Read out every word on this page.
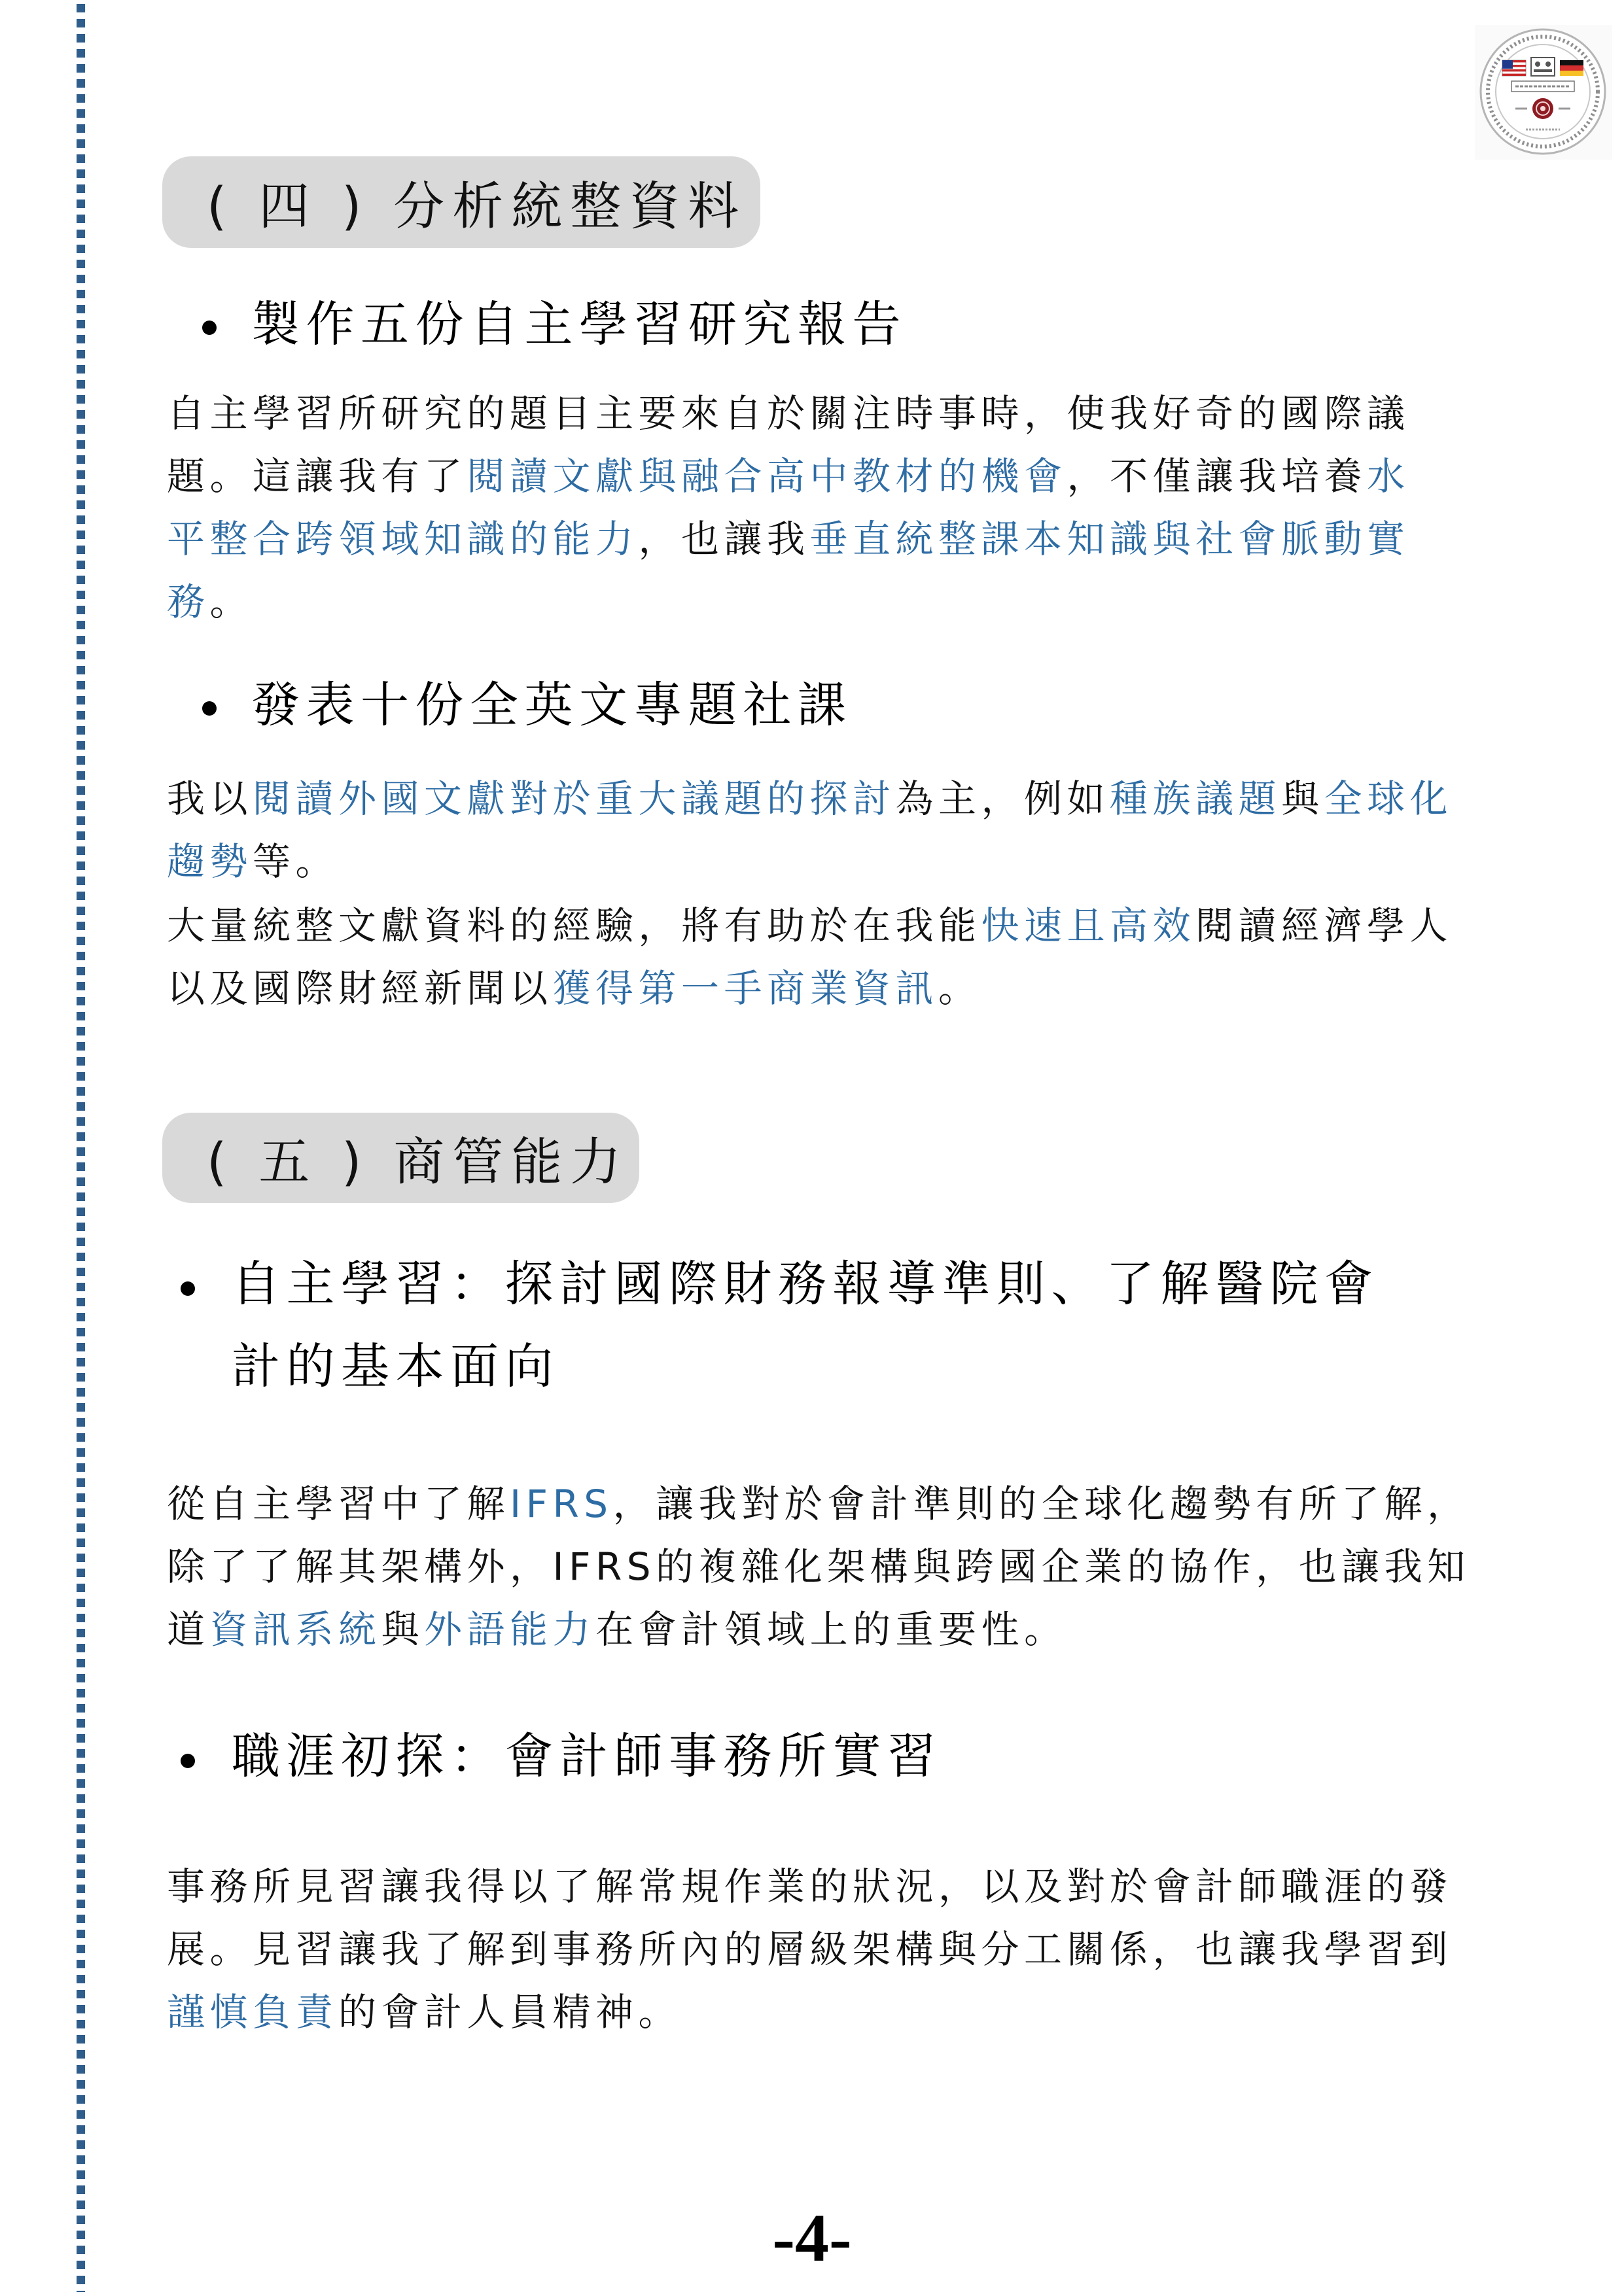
( 四 ) 分析統整資料
製作五份自主學習研究報告
自主學習所研究的題目主要來自於關注時事時，使我好奇的國際議
題。這讓我有了閱讀文獻與融合高中教材的機會，不僅讓我培養水
平整合跨領域知識的能力，也讓我垂直統整課本知識與社會脈動實
務。
發表十份全英文專題社課
我以閱讀外國文獻對於重大議題的探討為主，例如種族議題與全球化
趨勢等。
大量統整文獻資料的經驗，將有助於在我能快速且高效閱讀經濟學人
以及國際財經新聞以獲得第一手商業資訊。
( 五 ) 商管能力
自主學習：探討國際財務報導準則、了解醫院會
計的基本面向
從自主學習中了解IFRS，讓我對於會計準則的全球化趨勢有所了解，
除了了解其架構外，IFRS的複雜化架構與跨國企業的協作，也讓我知
道資訊系統與外語能力在會計領域上的重要性。
職涯初探：會計師事務所實習
事務所見習讓我得以了解常規作業的狀況，以及對於會計師職涯的發
展。見習讓我了解到事務所內的層級架構與分工關係，也讓我學習到
謹慎負責的會計人員精神。
-4-
